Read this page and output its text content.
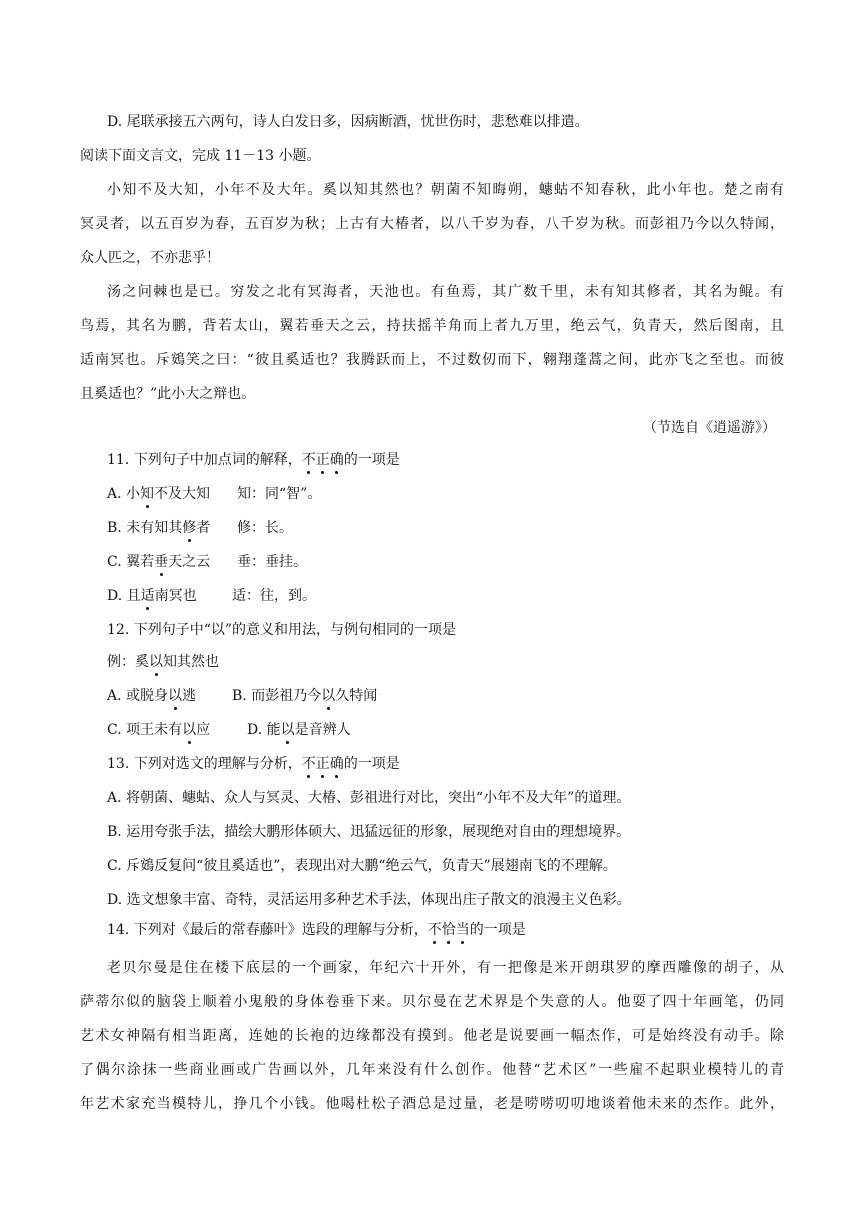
D. 尾联承接五六两句，诗人白发日多，因病断酒，忧世伤时，悲愁难以排遣。
阅读下面文言文，完成 11－13 小题。
小知不及大知，小年不及大年。奚以知其然也？朝菌不知晦朔，蟪蛄不知春秋，此小年也。楚之南有
冥灵者，以五百岁为春，五百岁为秋；上古有大椿者，以八千岁为春，八千岁为秋。而彭祖乃今以久特闻，
众人匹之，不亦悲乎！
汤之问棘也是已。穷发之北有冥海者，天池也。有鱼焉，其广数千里，未有知其修者，其名为鲲。有
鸟焉，其名为鹏，背若太山，翼若垂天之云，持扶摇羊角而上者九万里，绝云气，负青天，然后图南，且
适南冥也。斥鴳笑之曰：“彼且奚适也？我腾跃而上，不过数仞而下，翱翔蓬蒿之间，此亦飞之至也。而彼
且奚适也？”此小大之辩也。
（节选自《逍遥游》）
11. 下列句子中加点词的解释，不正确的一项是
A. 小知不及大知 知：同“智”。
B. 未有知其修者 修：长。
C. 翼若垂天之云 垂：垂挂。
D. 且适南冥也	适：往，到。
12. 下列句子中“以”的意义和用法，与例句相同的一项是
例：奚以知其然也
A. 或脱身以逃	B. 而彭祖乃今以久特闻
C. 项王未有以应	D. 能以是音辨人
13. 下列对选文的理解与分析，不正确的一项是
A. 将朝菌、蟪蛄、众人与冥灵、大椿、彭祖进行对比，突出“小年不及大年”的道理。
B. 运用夸张手法，描绘大鹏形体硕大、迅猛远征的形象，展现绝对自由的理想境界。
C. 斥鴳反复问“彼且奚适也”，表现出对大鹏“绝云气，负青天”展翅南飞的不理解。
D. 选文想象丰富、奇特，灵活运用多种艺术手法，体现出庄子散文的浪漫主义色彩。
14. 下列对《最后的常春藤叶》选段的理解与分析，不恰当的一项是
老贝尔曼是住在楼下底层的一个画家，年纪六十开外，有一把像是米开朗琪罗的摩西雕像的胡子，从
萨蒂尔似的脑袋上顺着小鬼般的身体卷垂下来。贝尔曼在艺术界是个失意的人。他耍了四十年画笔，仍同
艺术女神隔有相当距离，连她的长袍的边缘都没有摸到。他老是说要画一幅杰作，可是始终没有动手。除
了偶尔涂抹一些商业画或广告画以外，几年来没有什么创作。他替“艺术区”一些雇不起职业模特儿的青
年艺术家充当模特儿，挣几个小钱。他喝杜松子酒总是过量，老是唠唠叨叨地谈着他未来的杰作。此外，
